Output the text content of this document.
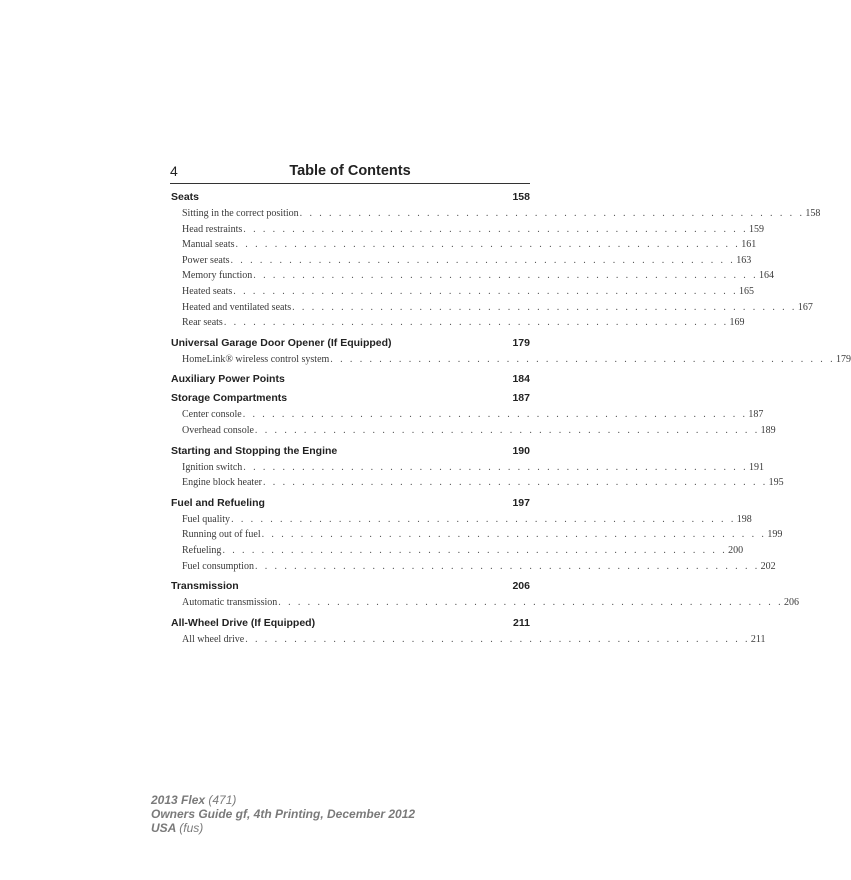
4	Table of Contents
Seats	158
Sitting in the correct position . . . . . . . . . . . . . . . . . . . . . . . . . . . . . . . . . . . . . . . . . . . . . . . . . . . . 158
Head restraints . . . . . . . . . . . . . . . . . . . . . . . . . . . . . . . . . . . . . . . . . . . . . . . . . . . . 159
Manual seats . . . . . . . . . . . . . . . . . . . . . . . . . . . . . . . . . . . . . . . . . . . . . . . . . . . . 161
Power seats . . . . . . . . . . . . . . . . . . . . . . . . . . . . . . . . . . . . . . . . . . . . . . . . . . . . 163
Memory function . . . . . . . . . . . . . . . . . . . . . . . . . . . . . . . . . . . . . . . . . . . . . . . . . . . . 164
Heated seats . . . . . . . . . . . . . . . . . . . . . . . . . . . . . . . . . . . . . . . . . . . . . . . . . . . . 165
Heated and ventilated seats . . . . . . . . . . . . . . . . . . . . . . . . . . . . . . . . . . . . . . . . . . . . . . . . . . . . 167
Rear seats . . . . . . . . . . . . . . . . . . . . . . . . . . . . . . . . . . . . . . . . . . . . . . . . . . . . 169
Universal Garage Door Opener (If Equipped)	179
HomeLink® wireless control system . . . . . . . . . . . . . . . . . . . . . . . . . . . . . . . . . . . . . . . . . . . . . . . . . . . . 179
Auxiliary Power Points	184
Storage Compartments	187
Center console . . . . . . . . . . . . . . . . . . . . . . . . . . . . . . . . . . . . . . . . . . . . . . . . . . . . 187
Overhead console . . . . . . . . . . . . . . . . . . . . . . . . . . . . . . . . . . . . . . . . . . . . . . . . . . . . 189
Starting and Stopping the Engine	190
Ignition switch . . . . . . . . . . . . . . . . . . . . . . . . . . . . . . . . . . . . . . . . . . . . . . . . . . . . 191
Engine block heater . . . . . . . . . . . . . . . . . . . . . . . . . . . . . . . . . . . . . . . . . . . . . . . . . . . . 195
Fuel and Refueling	197
Fuel quality . . . . . . . . . . . . . . . . . . . . . . . . . . . . . . . . . . . . . . . . . . . . . . . . . . . . 198
Running out of fuel . . . . . . . . . . . . . . . . . . . . . . . . . . . . . . . . . . . . . . . . . . . . . . . . . . . . 199
Refueling . . . . . . . . . . . . . . . . . . . . . . . . . . . . . . . . . . . . . . . . . . . . . . . . . . . . 200
Fuel consumption . . . . . . . . . . . . . . . . . . . . . . . . . . . . . . . . . . . . . . . . . . . . . . . . . . . . 202
Transmission	206
Automatic transmission . . . . . . . . . . . . . . . . . . . . . . . . . . . . . . . . . . . . . . . . . . . . . . . . . . . . 206
All-Wheel Drive (If Equipped)	211
All wheel drive . . . . . . . . . . . . . . . . . . . . . . . . . . . . . . . . . . . . . . . . . . . . . . . . . . . . 211
2013 Flex (471)
Owners Guide gf, 4th Printing, December 2012
USA (fus)
